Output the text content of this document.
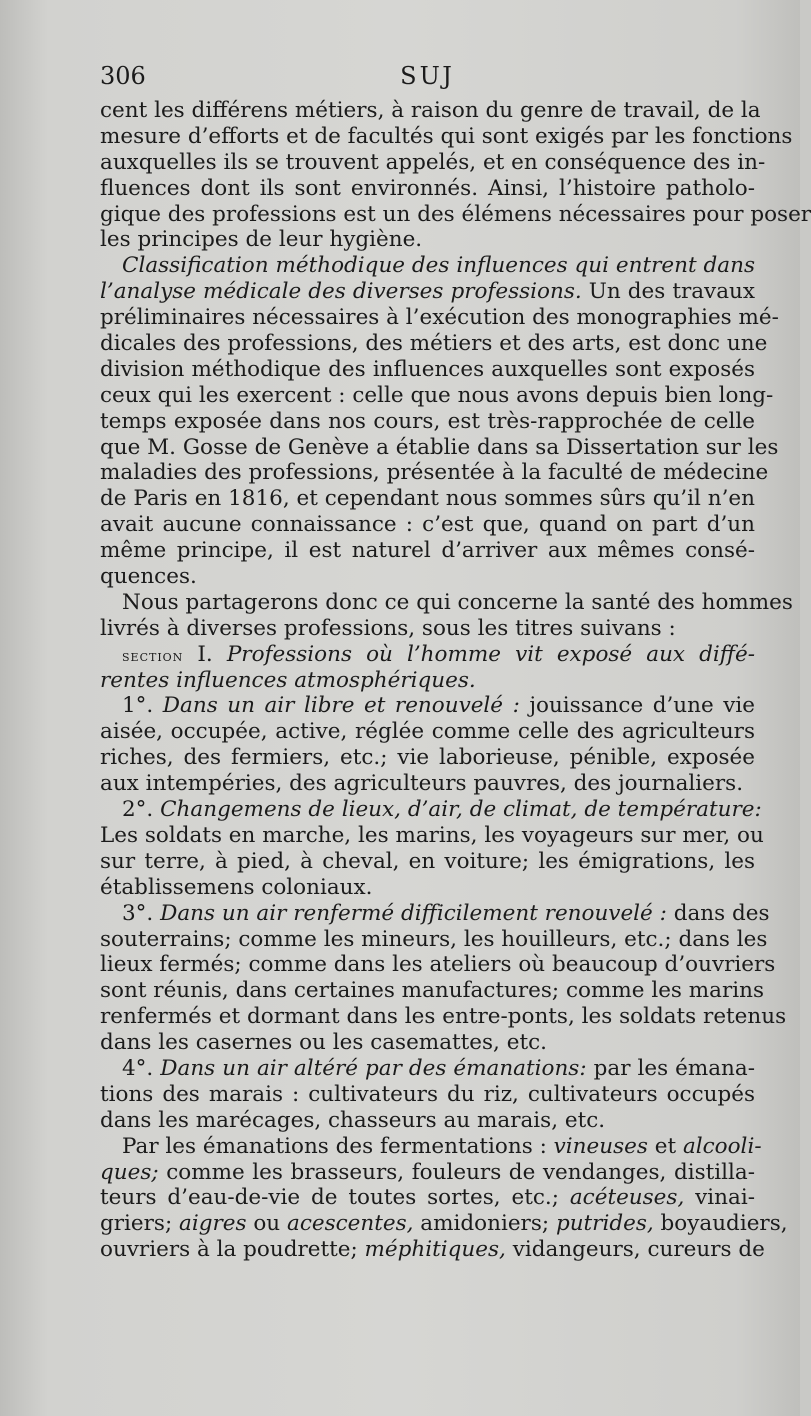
306	SUJ
cent les différens métiers, à raison du genre de travail, de la
mesure d’efforts et de facultés qui sont exigés par les fonctions
auxquelles ils se trouvent appelés, et en conséquence des in-
fluences dont ils sont environnés. Ainsi, l’histoire patholo-
gique des professions est un des élémens nécessaires pour poser
les principes de leur hygiène.
Classification méthodique des influences qui entrent dans
l’analyse médicale des diverses professions. Un des travaux
préliminaires nécessaires à l’exécution des monographies mé-
dicales des professions, des métiers et des arts, est donc une
division méthodique des influences auxquelles sont exposés
ceux qui les exercent : celle que nous avons depuis bien long-
temps exposée dans nos cours, est très-rapprochée de celle
que M. Gosse de Genève a établie dans sa Dissertation sur les
maladies des professions, présentée à la faculté de médecine
de Paris en 1816, et cependant nous sommes sûrs qu’il n’en
avait aucune connaissance : c’est que, quand on part d’un
même principe, il est naturel d’arriver aux mêmes consé-
quences.
Nous partagerons donc ce qui concerne la santé des hommes
livrés à diverses professions, sous les titres suivans :
section I. Professions où l’homme vit exposé aux diffé-
rentes influences atmosphériques.
1°. Dans un air libre et renouvelé : jouissance d’une vie
aisée, occupée, active, réglée comme celle des agriculteurs
riches, des fermiers, etc.; vie laborieuse, pénible, exposée
aux intempéries, des agriculteurs pauvres, des journaliers.
2°. Changemens de lieux, d’air, de climat, de température:
Les soldats en marche, les marins, les voyageurs sur mer, ou
sur terre, à pied, à cheval, en voiture; les émigrations, les
établissemens coloniaux.
3°. Dans un air renfermé difficilement renouvelé : dans des
souterrains; comme les mineurs, les houilleurs, etc.; dans les
lieux fermés; comme dans les ateliers où beaucoup d’ouvriers
sont réunis, dans certaines manufactures; comme les marins
renfermés et dormant dans les entre-ponts, les soldats retenus
dans les casernes ou les casemattes, etc.
4°. Dans un air altéré par des émanations: par les émana-
tions des marais : cultivateurs du riz, cultivateurs occupés
dans les marécages, chasseurs au marais, etc.
Par les émanations des fermentations : vineuses et alcooli-
ques; comme les brasseurs, fouleurs de vendanges, distilla-
teurs d’eau-de-vie de toutes sortes, etc.; acéteuses, vinai-
griers; aigres ou acescentes, amidoniers; putrides, boyaudiers,
ouvriers à la poudrette; méphitiques, vidangeurs, cureurs de
